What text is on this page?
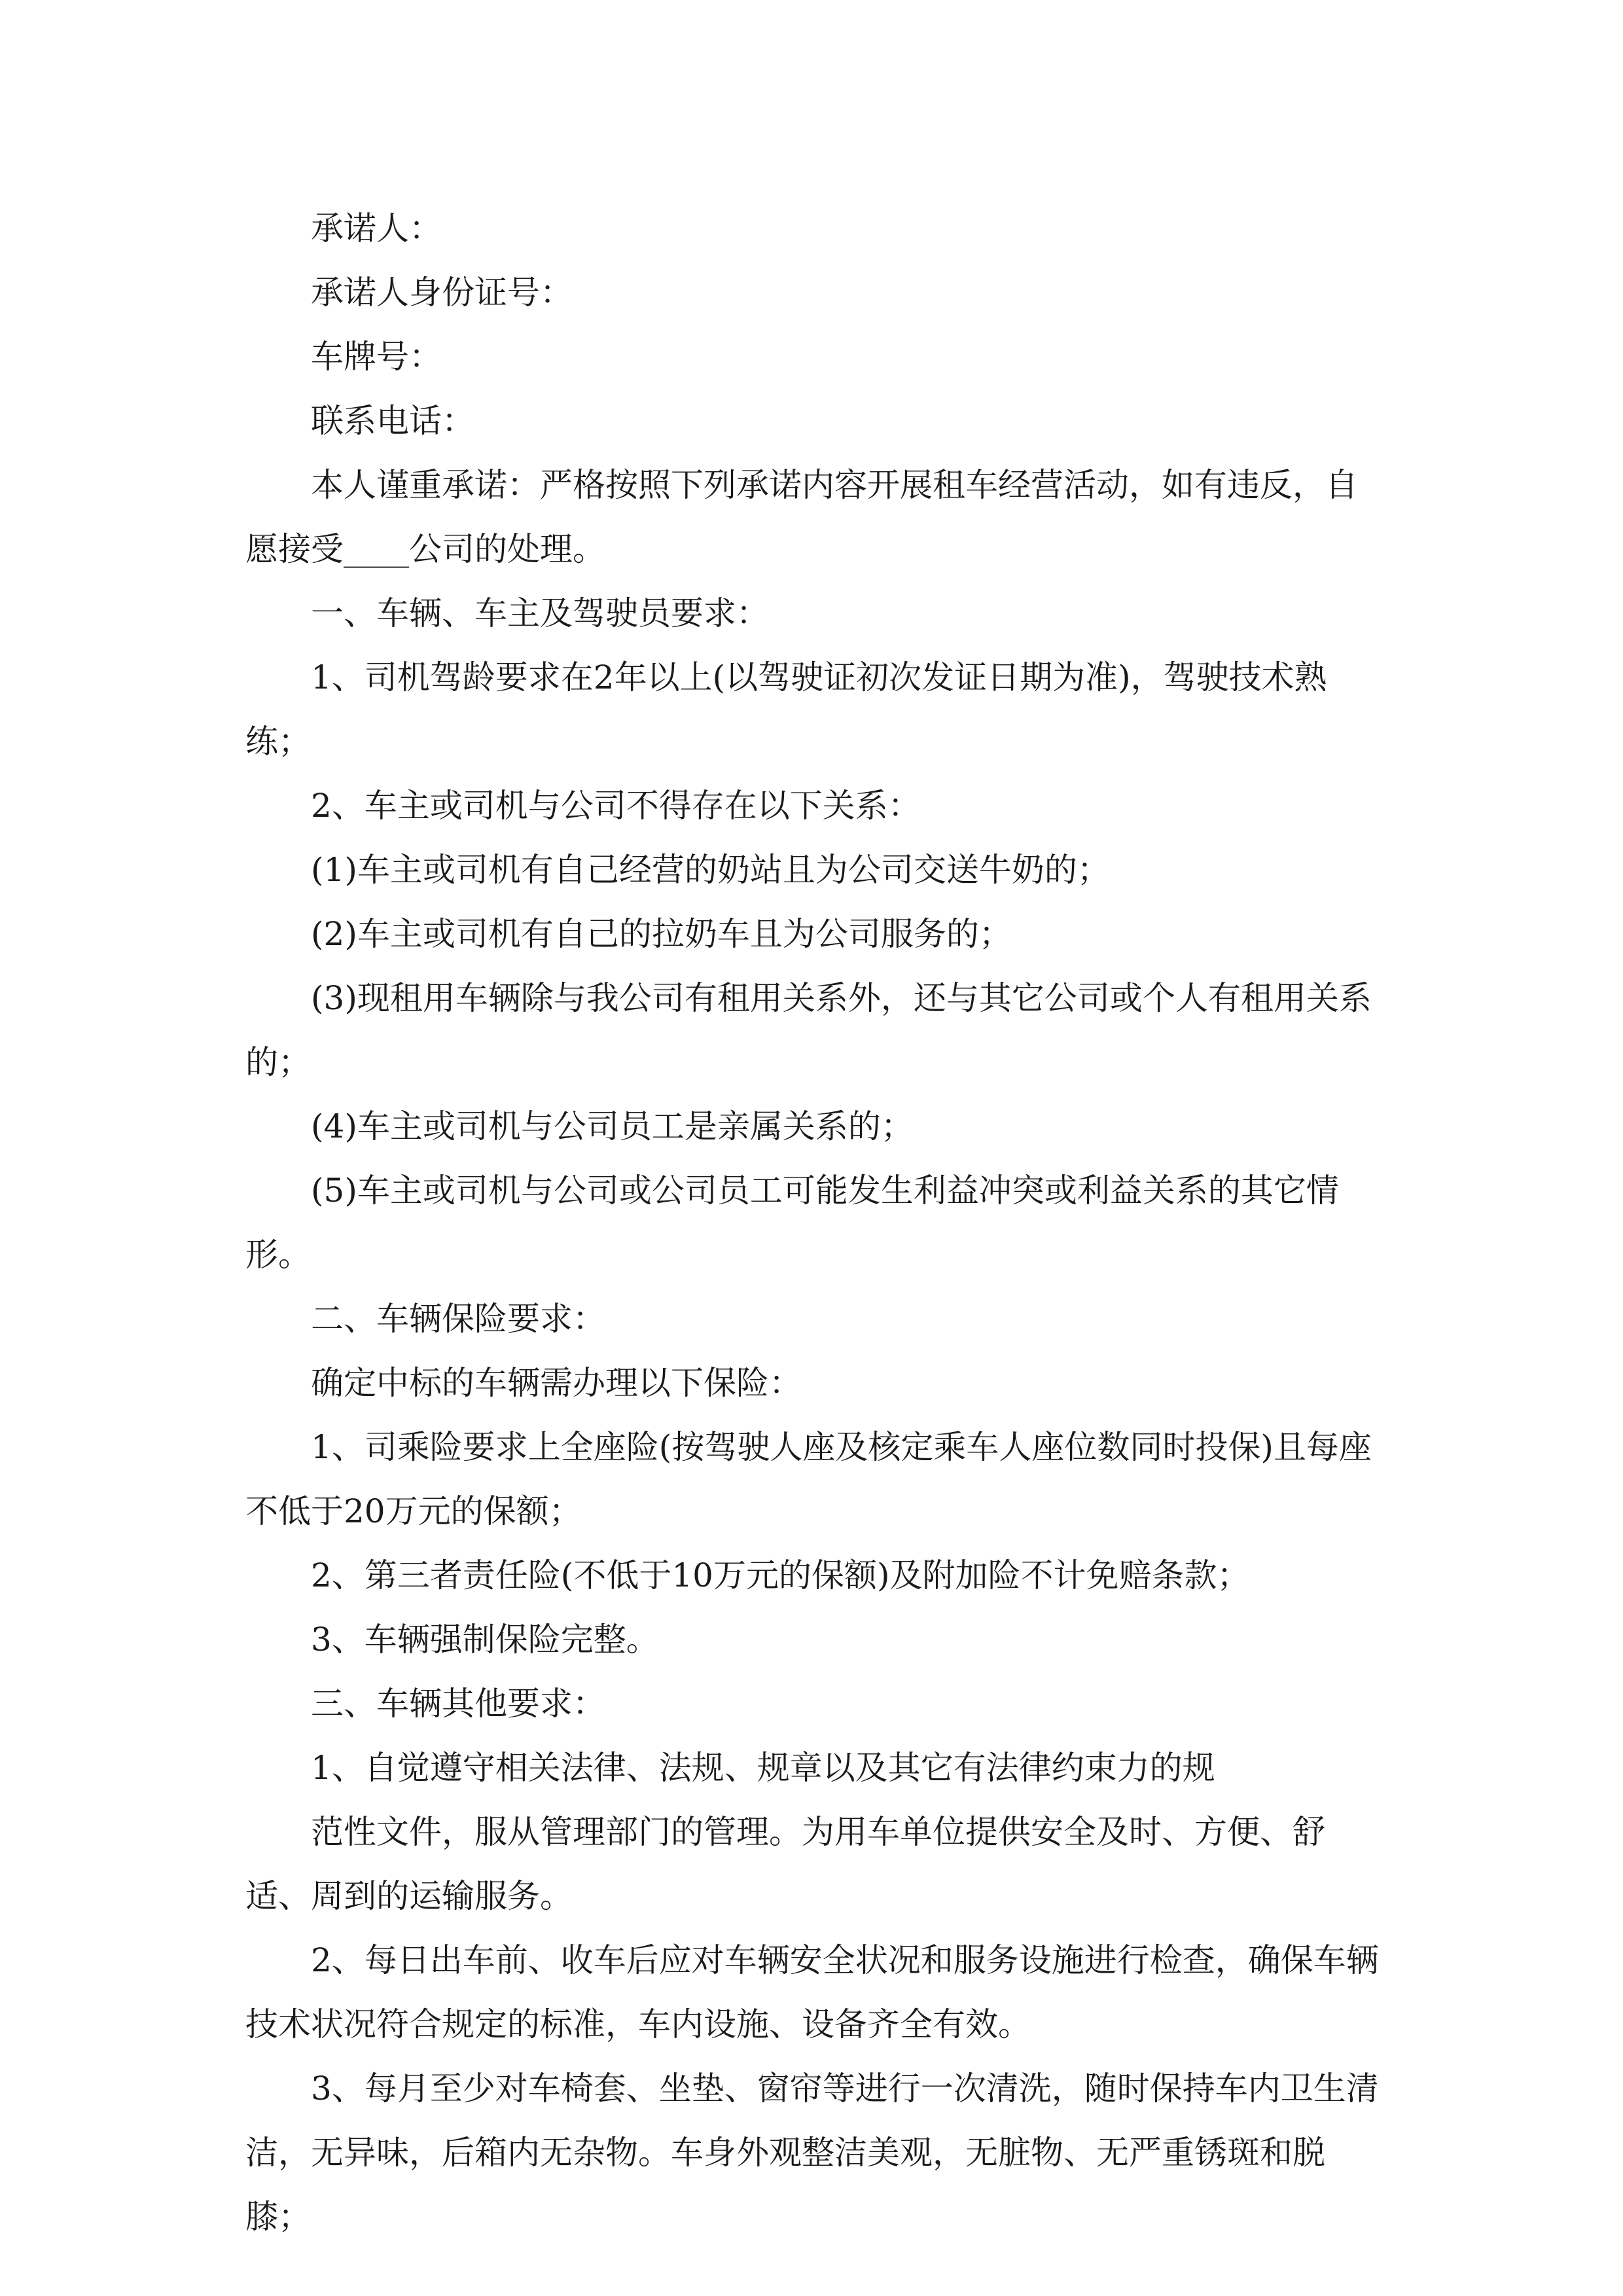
承诺人：

承诺人身份证号：

车牌号：

联系电话：

本人谨重承诺：严格按照下列承诺内容开展租车经营活动，如有违反，自愿接受____公司的处理。

一、车辆、车主及驾驶员要求：

1、司机驾龄要求在2年以上(以驾驶证初次发证日期为准)，驾驶技术熟练；

2、车主或司机与公司不得存在以下关系：

(1)车主或司机有自己经营的奶站且为公司交送牛奶的；

(2)车主或司机有自己的拉奶车且为公司服务的；

(3)现租用车辆除与我公司有租用关系外，还与其它公司或个人有租用关系的；

(4)车主或司机与公司员工是亲属关系的；

(5)车主或司机与公司或公司员工可能发生利益冲突或利益关系的其它情形。

二、车辆保险要求：

确定中标的车辆需办理以下保险：

1、司乘险要求上全座险(按驾驶人座及核定乘车人座位数同时投保)且每座不低于20万元的保额；

2、第三者责任险(不低于10万元的保额)及附加险不计免赔条款；

3、车辆强制保险完整。

三、车辆其他要求：

1、自觉遵守相关法律、法规、规章以及其它有法律约束力的规

范性文件，服从管理部门的管理。为用车单位提供安全及时、方便、舒适、周到的运输服务。

2、每日出车前、收车后应对车辆安全状况和服务设施进行检查，确保车辆技术状况符合规定的标准，车内设施、设备齐全有效。

3、每月至少对车椅套、坐垫、窗帘等进行一次清洗，随时保持车内卫生清洁，无异味，后箱内无杂物。车身外观整洁美观，无脏物、无严重锈斑和脱膝；
